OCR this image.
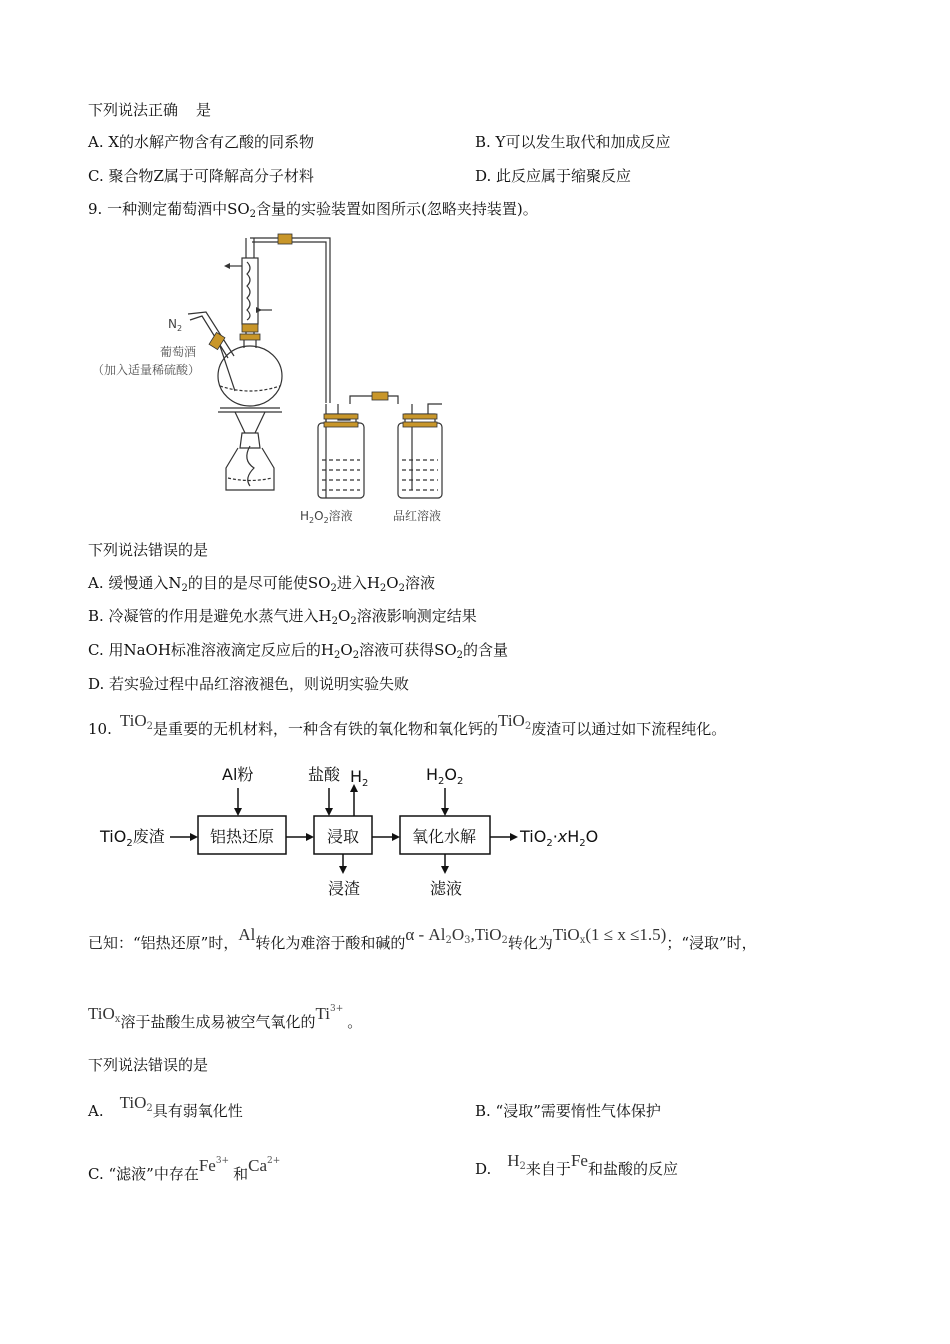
下列说法正确 是
A. X的水解产物含有乙酸的同系物	B. Y可以发生取代和加成反应
C. 聚合物Z属于可降解高分子材料	D. 此反应属于缩聚反应
9. 一种测定葡萄酒中$SO_2$含量的实验装置如图所示(忽略夹持装置)。
$N_2$
葡萄酒
（加入适量稀硫酸）
$H_2O_2$溶液	品红溶液
下列说法错误的是
A. 缓慢通入$N_2$的目的是尽可能使$SO_2$进入$H_2O_2$溶液
B. 冷凝管的作用是避免水蒸气进入$H_2O_2$溶液影响测定结果
C. 用NaOH标准溶液滴定反应后的$H_2O_2$溶液可获得$SO_2$的含量
D. 若实验过程中品红溶液褪色，则说明实验失败
10. TiO$^2$是重要的无机材料，一种含有铁的氧化物和氧化钙的TiO$^2$废渣可以通过如下流程纯化。
TiO$_2$废渣	铝热还原	浸取	氧化水解
Al粉	盐酸 $H_2$	$H_2O_2$
浸渣	滤液
$TiO_2\cdot xH_2O$
已知：“铝热还原”时，Al转化为难溶于酸和碱的α - $Al^2O^3,TiO^2$转化为TiO$^x$(1 ≤ x ≤1.5)；“浸取”时，
TiO$^x$溶于盐酸生成易被空气氧化的$Ti^{3+}$。
下列说法错误的是
A. TiO$^2$具有弱氧化性	B. “浸取”需要惰性气体保护
C. “滤液”中存在$Fe^{3+}$和$Ca^{2+}$	D. $H^2$来自于Fe和盐酸的反应
